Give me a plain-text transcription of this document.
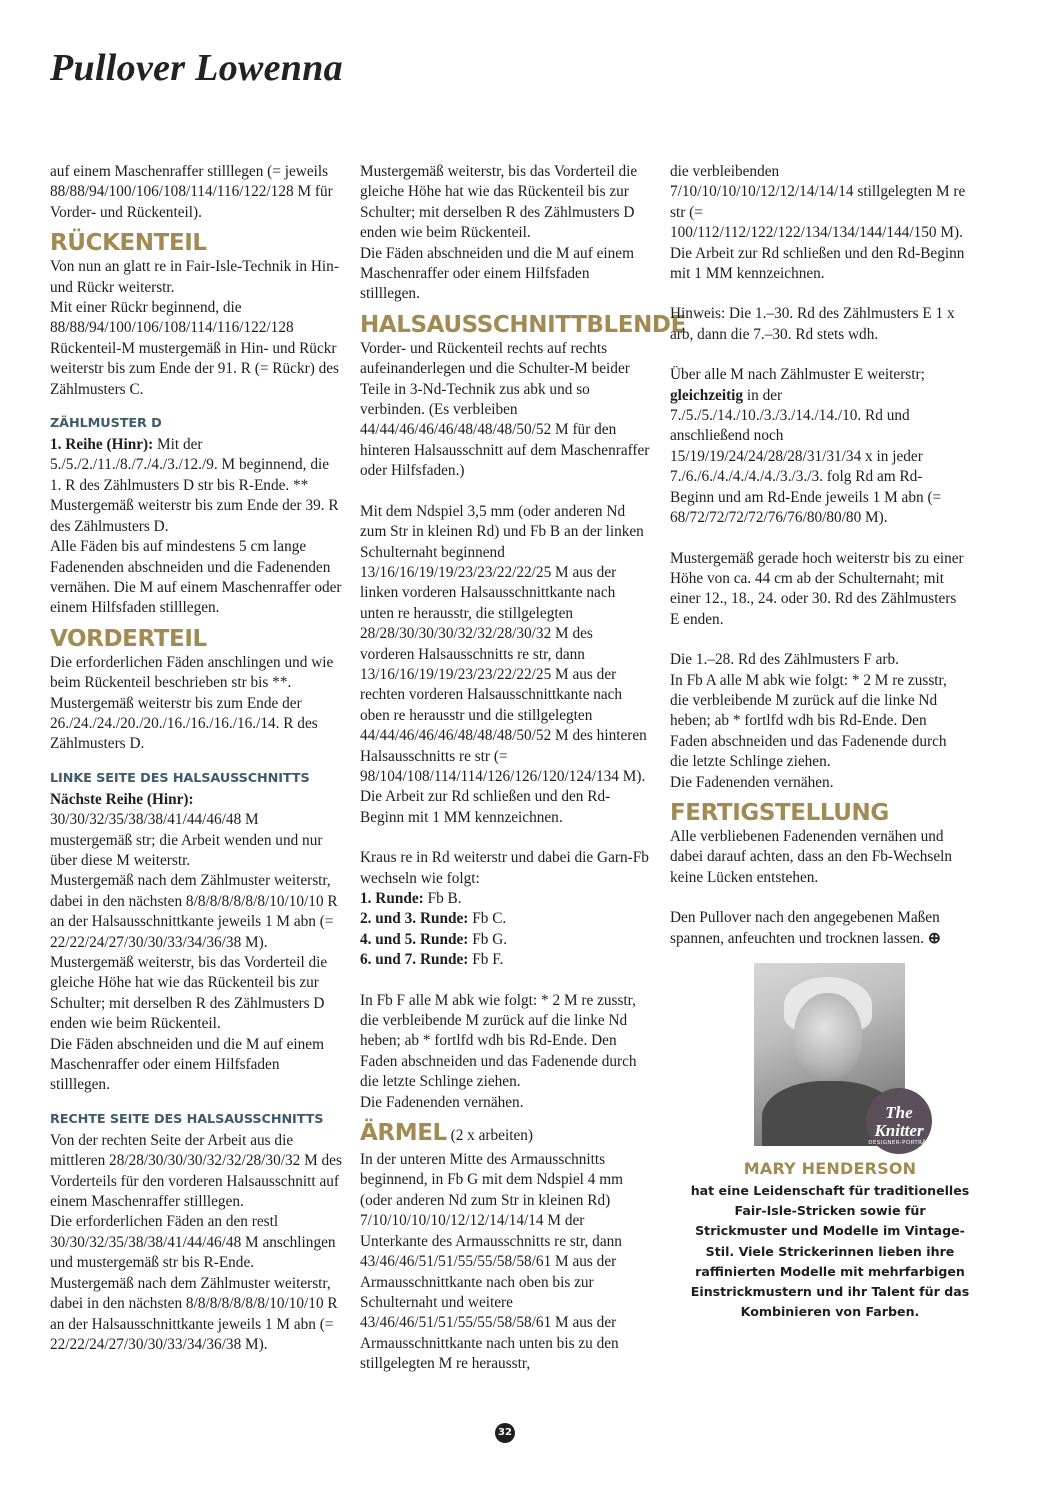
Pullover Lowenna

auf einem Maschenraffer stilllegen (= jeweils 88/88/94/100/106/108/114/116/122/128 M für Vorder- und Rückenteil).

RÜCKENTEIL

Von nun an glatt re in Fair-Isle-Technik in Hin- und Rückr weiterstr.

Mit einer Rückr beginnend, die 88/88/94/100/106/108/114/116/122/128 Rückenteil-M mustergemäß in Hin- und Rückr weiterstr bis zum Ende der 91. R (= Rückr) des Zählmusters C.

ZÄHLMUSTER D

1. Reihe (Hinr): Mit der 5./5./2./11./8./7./4./3./12./9. M beginnend, die 1. R des Zählmusters D str bis R-Ende. **

Mustergemäß weiterstr bis zum Ende der 39. R des Zählmusters D.

Alle Fäden bis auf mindestens 5 cm lange Fadenenden abschneiden und die Fadenenden vernähen. Die M auf einem Maschenraffer oder einem Hilfsfaden stilllegen.

VORDERTEIL

Die erforderlichen Fäden anschlingen und wie beim Rückenteil beschrieben str bis **.

Mustergemäß weiterstr bis zum Ende der 26./24./24./20./20./16./16./16./16./14. R des Zählmusters D.

LINKE SEITE DES HALSAUSSCHNITTS

Nächste Reihe (Hinr): 30/30/32/35/38/38/41/44/46/48 M mustergemäß str; die Arbeit wenden und nur über diese M weiterstr.

Mustergemäß nach dem Zählmuster weiterstr, dabei in den nächsten 8/8/8/8/8/8/8/10/10/10 R an der Halsausschnittkante jeweils 1 M abn (= 22/22/24/27/30/30/33/34/36/38 M).

Mustergemäß weiterstr, bis das Vorderteil die gleiche Höhe hat wie das Rückenteil bis zur Schulter; mit derselben R des Zählmusters D enden wie beim Rückenteil.

Die Fäden abschneiden und die M auf einem Maschenraffer oder einem Hilfsfaden stilllegen.

RECHTE SEITE DES HALSAUSSCHNITTS

Von der rechten Seite der Arbeit aus die mittleren 28/28/30/30/30/32/32/28/30/32 M des Vorderteils für den vorderen Halsausschnitt auf einem Maschenraffer stilllegen.

Die erforderlichen Fäden an den restl 30/30/32/35/38/38/41/44/46/48 M anschlingen und mustergemäß str bis R-Ende.

Mustergemäß nach dem Zählmuster weiterstr, dabei in den nächsten 8/8/8/8/8/8/8/10/10/10 R an der Halsausschnittkante jeweils 1 M abn (= 22/22/24/27/30/30/33/34/36/38 M).

Mustergemäß weiterstr, bis das Vorderteil die gleiche Höhe hat wie das Rückenteil bis zur Schulter; mit derselben R des Zählmusters D enden wie beim Rückenteil.

Die Fäden abschneiden und die M auf einem Maschenraffer oder einem Hilfsfaden stilllegen.

HALSAUSSCHNITTBLENDE

Vorder- und Rückenteil rechts auf rechts aufeinanderlegen und die Schulter-M beider Teile in 3-Nd-Technik zus abk und so verbinden. (Es verbleiben 44/44/46/46/46/48/48/48/50/52 M für den hinteren Halsausschnitt auf dem Maschenraffer oder Hilfsfaden.)

Mit dem Ndspiel 3,5 mm (oder anderen Nd zum Str in kleinen Rd) und Fb B an der linken Schulternaht beginnend 13/16/16/19/19/23/23/22/22/25 M aus der linken vorderen Halsausschnittkante nach unten re herausstr, die stillgelegten 28/28/30/30/30/32/32/28/30/32 M des vorderen Halsausschnitts re str, dann 13/16/16/19/19/23/23/22/22/25 M aus der rechten vorderen Halsausschnittkante nach oben re herausstr und die stillgelegten 44/44/46/46/46/48/48/48/50/52 M des hinteren Halsausschnitts re str (= 98/104/108/114/114/126/126/120/124/134 M).

Die Arbeit zur Rd schließen und den Rd-Beginn mit 1 MM kennzeichnen.

Kraus re in Rd weiterstr und dabei die Garn-Fb wechseln wie folgt:

1. Runde: Fb B.

2. und 3. Runde: Fb C.

4. und 5. Runde: Fb G.

6. und 7. Runde: Fb F.

In Fb F alle M abk wie folgt: * 2 M re zusstr, die verbleibende M zurück auf die linke Nd heben; ab * fortlfd wdh bis Rd-Ende. Den Faden abschneiden und das Fadenende durch die letzte Schlinge ziehen.

Die Fadenenden vernähen.

ÄRMEL (2 x arbeiten)

In der unteren Mitte des Armausschnitts beginnend, in Fb G mit dem Ndspiel 4 mm (oder anderen Nd zum Str in kleinen Rd) 7/10/10/10/10/12/12/14/14/14 M der Unterkante des Armausschnitts re str, dann 43/46/46/51/51/55/55/58/58/61 M aus der Armausschnittkante nach oben bis zur Schulternaht und weitere 43/46/46/51/51/55/55/58/58/61 M aus der Armausschnittkante nach unten bis zu den stillgelegten M re herausstr,

die verbleibenden 7/10/10/10/10/12/12/14/14/14 stillgelegten M re str (= 100/112/112/122/122/134/134/144/144/150 M).

Die Arbeit zur Rd schließen und den Rd-Beginn mit 1 MM kennzeichnen.

Hinweis: Die 1.–30. Rd des Zählmusters E 1 x arb, dann die 7.–30. Rd stets wdh.

Über alle M nach Zählmuster E weiterstr; gleichzeitig in der 7./5./5./14./10./3./3./14./14./10. Rd und anschließend noch 15/19/19/24/24/28/28/31/31/34 x in jeder 7./6./6./4./4./4./4./3./3./3. folg Rd am Rd-Beginn und am Rd-Ende jeweils 1 M abn (= 68/72/72/72/72/76/76/80/80/80 M).

Mustergemäß gerade hoch weiterstr bis zu einer Höhe von ca. 44 cm ab der Schulternaht; mit einer 12., 18., 24. oder 30. Rd des Zählmusters E enden.

Die 1.–28. Rd des Zählmusters F arb.

In Fb A alle M abk wie folgt: * 2 M re zusstr, die verbleibende M zurück auf die linke Nd heben; ab * fortlfd wdh bis Rd-Ende. Den Faden abschneiden und das Fadenende durch die letzte Schlinge ziehen.

Die Fadenenden vernähen.

FERTIGSTELLUNG

Alle verbliebenen Fadenenden vernähen und dabei darauf achten, dass an den Fb-Wechseln keine Lücken entstehen.

Den Pullover nach den angegebenen Maßen spannen, anfeuchten und trocknen lassen. ⊕

The Knitter
DESIGNER-PORTRÄT
MARY HENDERSON
hat eine Leidenschaft für traditionelles Fair-Isle-Stricken sowie für Strickmuster und Modelle im Vintage-Stil. Viele Strickerinnen lieben ihre raffinierten Modelle mit mehrfarbigen Einstrickmustern und ihr Talent für das Kombinieren von Farben.
32
